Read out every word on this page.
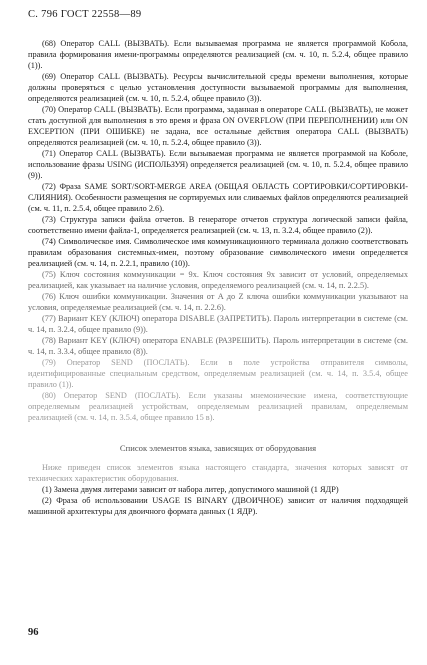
С. 796 ГОСТ 22558—89

(68) Оператор CALL (ВЫЗВАТЬ). Если вызываемая программа не является программой Кобола, правила формирования имени-программы определяются реализацией (см. ч. 10, п. 5.2.4, общее правило (1)).

(69) Оператор CALL (ВЫЗВАТЬ). Ресурсы вычислительной среды времени выполнения, которые должны проверяться с целью установления доступности вызываемой программы для выполнения, определяются реализацией (см. ч. 10, п. 5.2.4, общее правило (3)).

(70) Оператор CALL (ВЫЗВАТЬ). Если программа, заданная в операторе CALL (ВЫЗВАТЬ), не может стать доступной для выполнения в это время и фраза ON OVERFLOW (ПРИ ПЕРЕПОЛНЕНИИ) или ON EXCEPTION (ПРИ ОШИБКЕ) не задана, все остальные действия оператора CALL (ВЫЗВАТЬ) определяются реализацией (см. ч. 10, п. 5.2.4, общее правило (3)).

(71) Оператор CALL (ВЫЗВАТЬ). Если вызываемая программа не является программой на Коболе, использование фразы USING (ИСПОЛЬЗУЯ) определяется реализацией (см. ч. 10, п. 5.2.4, общее правило (9)).

(72) Фраза SAME SORT/SORT-MERGE AREA (ОБЩАЯ ОБЛАСТЬ СОРТИРОВКИ/СОРТИРОВКИ-СЛИЯНИЯ). Особенности размещения не сортируемых или сливаемых файлов определяются реализацией (см. ч. 11, п. 2.5.4, общее правило 2.6).

(73) Структура записи файла отчетов. В генераторе отчетов структура логической записи файла, соответственно имени файла-1, определяется реализацией (см. ч. 13, п. 3.2.4, общее правило (2)).

(74) Символическое имя. Символическое имя коммуникационного терминала должно соответствовать правилам образования системных-имен, поэтому образование символического имени определяется реализацией (см. ч. 14, п. 2.2.1, правило (10)).

(75) Ключ состояния коммуникации = 9x. Ключ состояния 9x зависит от условий, определяемых реализацией, как указывает на наличие условия, определяемого реализацией (см. ч. 14, п. 2.2.5).

(76) Ключ ошибки коммуникации. Значения от A до Z ключа ошибки коммуникации указывают на условия, определяемые реализацией (см. ч. 14, п. 2.2.6).

(77) Вариант KEY (КЛЮЧ) оператора DISABLE (ЗАПРЕТИТЬ). Пароль интерпретации в системе (см. ч. 14, п. 3.2.4, общее правило (9)).

(78) Вариант KEY (КЛЮЧ) оператора ENABLE (РАЗРЕШИТЬ). Пароль интерпретации в системе (см. ч. 14, п. 3.3.4, общее правило (8)).

(79) Оператор SEND (ПОСЛАТЬ). Если в поле устройства отправителя символы, идентифицированные специальным средством, определяемым реализацией (см. ч. 14, п. 3.5.4, общее правило (1)).

(80) Оператор SEND (ПОСЛАТЬ). Если указаны мнемонические имена, соответствующие определяемым реализацией устройствам, определяемым реализацией правилам, определяемым реализацией (см. ч. 14, п. 3.5.4, общее правило 15 в).

Список элементов языка, зависящих от оборудования

Ниже приведен список элементов языка настоящего стандарта, значения которых зависят от технических характеристик оборудования.

(1) Замена двумя литерами зависит от набора литер, допустимого машиной (1 ЯДР)

(2) Фраза об использовании USAGE IS BINARY (ДВОИЧНОЕ) зависит от наличия подходящей машинной архитектуры для двоичного формата данных (1 ЯДР).

96
